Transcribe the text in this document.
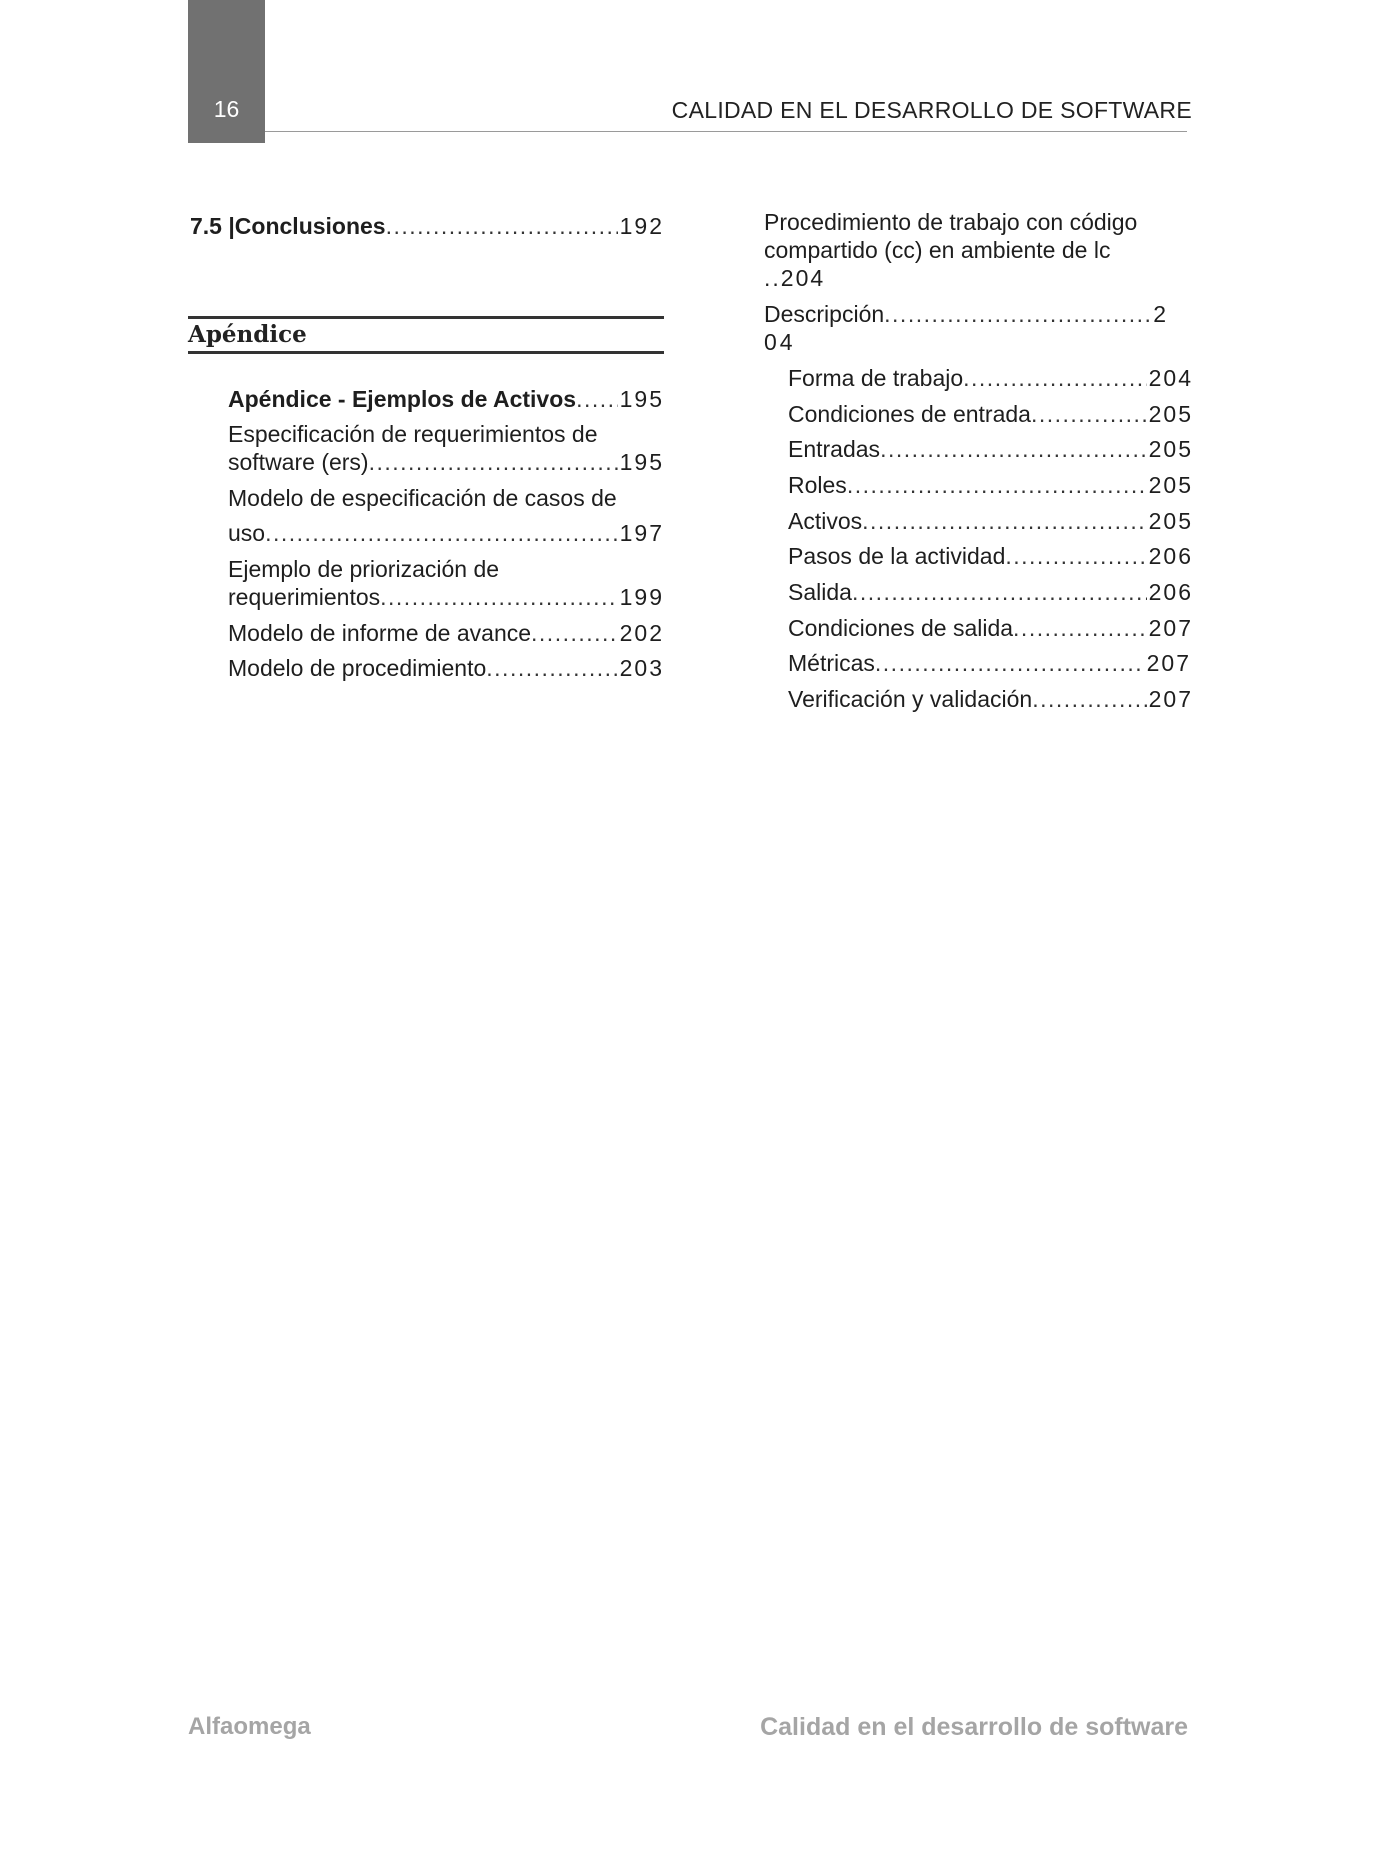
16	CALIDAD EN EL DESARROLLO DE SOFTWARE
7.5 |Conclusiones .....	192
Apéndice
Apéndice - Ejemplos de Activos ..... 195
Especificación de requerimientos de
software (ers) .....	195
Modelo de especificación de casos de
uso .....	197
Ejemplo de priorización de
requerimientos .....	199
Modelo de informe de avance .....	202
Modelo de procedimiento .....	203
Procedimiento de trabajo con código
compartido (cc) en ambiente de lc
..204
Descripción .....	2
04
Forma de trabajo .....	204
Condiciones de entrada .....	205
Entradas .....	205
Roles .....	205
Activos .....	205
Pasos de la actividad .....	206
Salida .....	206
Condiciones de salida .....	207
Métricas .....	207
Verificación y validación .....	207
Alfaomega	Calidad en el desarrollo de software
